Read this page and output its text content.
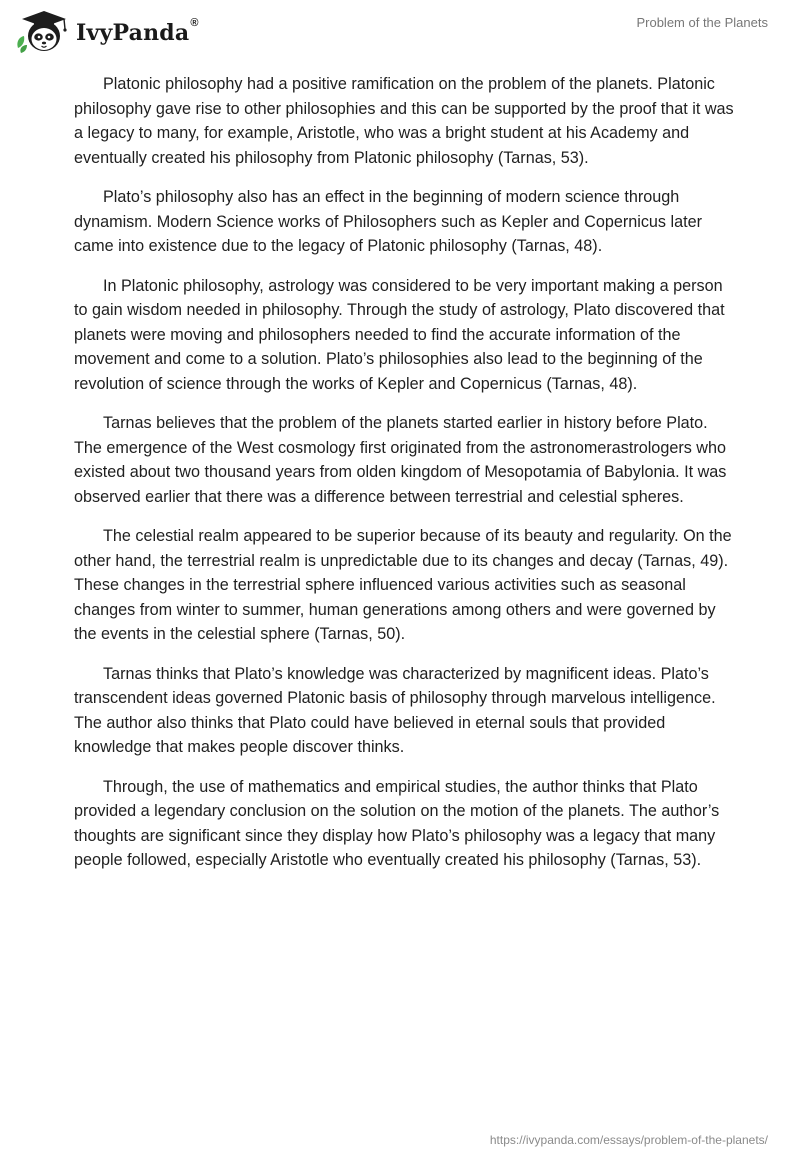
IvyPanda®	Problem of the Planets

Platonic philosophy had a positive ramification on the problem of the planets. Platonic philosophy gave rise to other philosophies and this can be supported by the proof that it was a legacy to many, for example, Aristotle, who was a bright student at his Academy and eventually created his philosophy from Platonic philosophy (Tarnas, 53).

Plato’s philosophy also has an effect in the beginning of modern science through dynamism. Modern Science works of Philosophers such as Kepler and Copernicus later came into existence due to the legacy of Platonic philosophy (Tarnas, 48).

In Platonic philosophy, astrology was considered to be very important making a person to gain wisdom needed in philosophy. Through the study of astrology, Plato discovered that planets were moving and philosophers needed to find the accurate information of the movement and come to a solution. Plato’s philosophies also lead to the beginning of the revolution of science through the works of Kepler and Copernicus (Tarnas, 48).

Tarnas believes that the problem of the planets started earlier in history before Plato. The emergence of the West cosmology first originated from the astronomerastrologers who existed about two thousand years from olden kingdom of Mesopotamia of Babylonia. It was observed earlier that there was a difference between terrestrial and celestial spheres.

The celestial realm appeared to be superior because of its beauty and regularity. On the other hand, the terrestrial realm is unpredictable due to its changes and decay (Tarnas, 49). These changes in the terrestrial sphere influenced various activities such as seasonal changes from winter to summer, human generations among others and were governed by the events in the celestial sphere (Tarnas, 50).

Tarnas thinks that Plato’s knowledge was characterized by magnificent ideas. Plato’s transcendent ideas governed Platonic basis of philosophy through marvelous intelligence. The author also thinks that Plato could have believed in eternal souls that provided knowledge that makes people discover thinks.

Through, the use of mathematics and empirical studies, the author thinks that Plato provided a legendary conclusion on the solution on the motion of the planets. The author’s thoughts are significant since they display how Plato’s philosophy was a legacy that many people followed, especially Aristotle who eventually created his philosophy (Tarnas, 53).

https://ivypanda.com/essays/problem-of-the-planets/
